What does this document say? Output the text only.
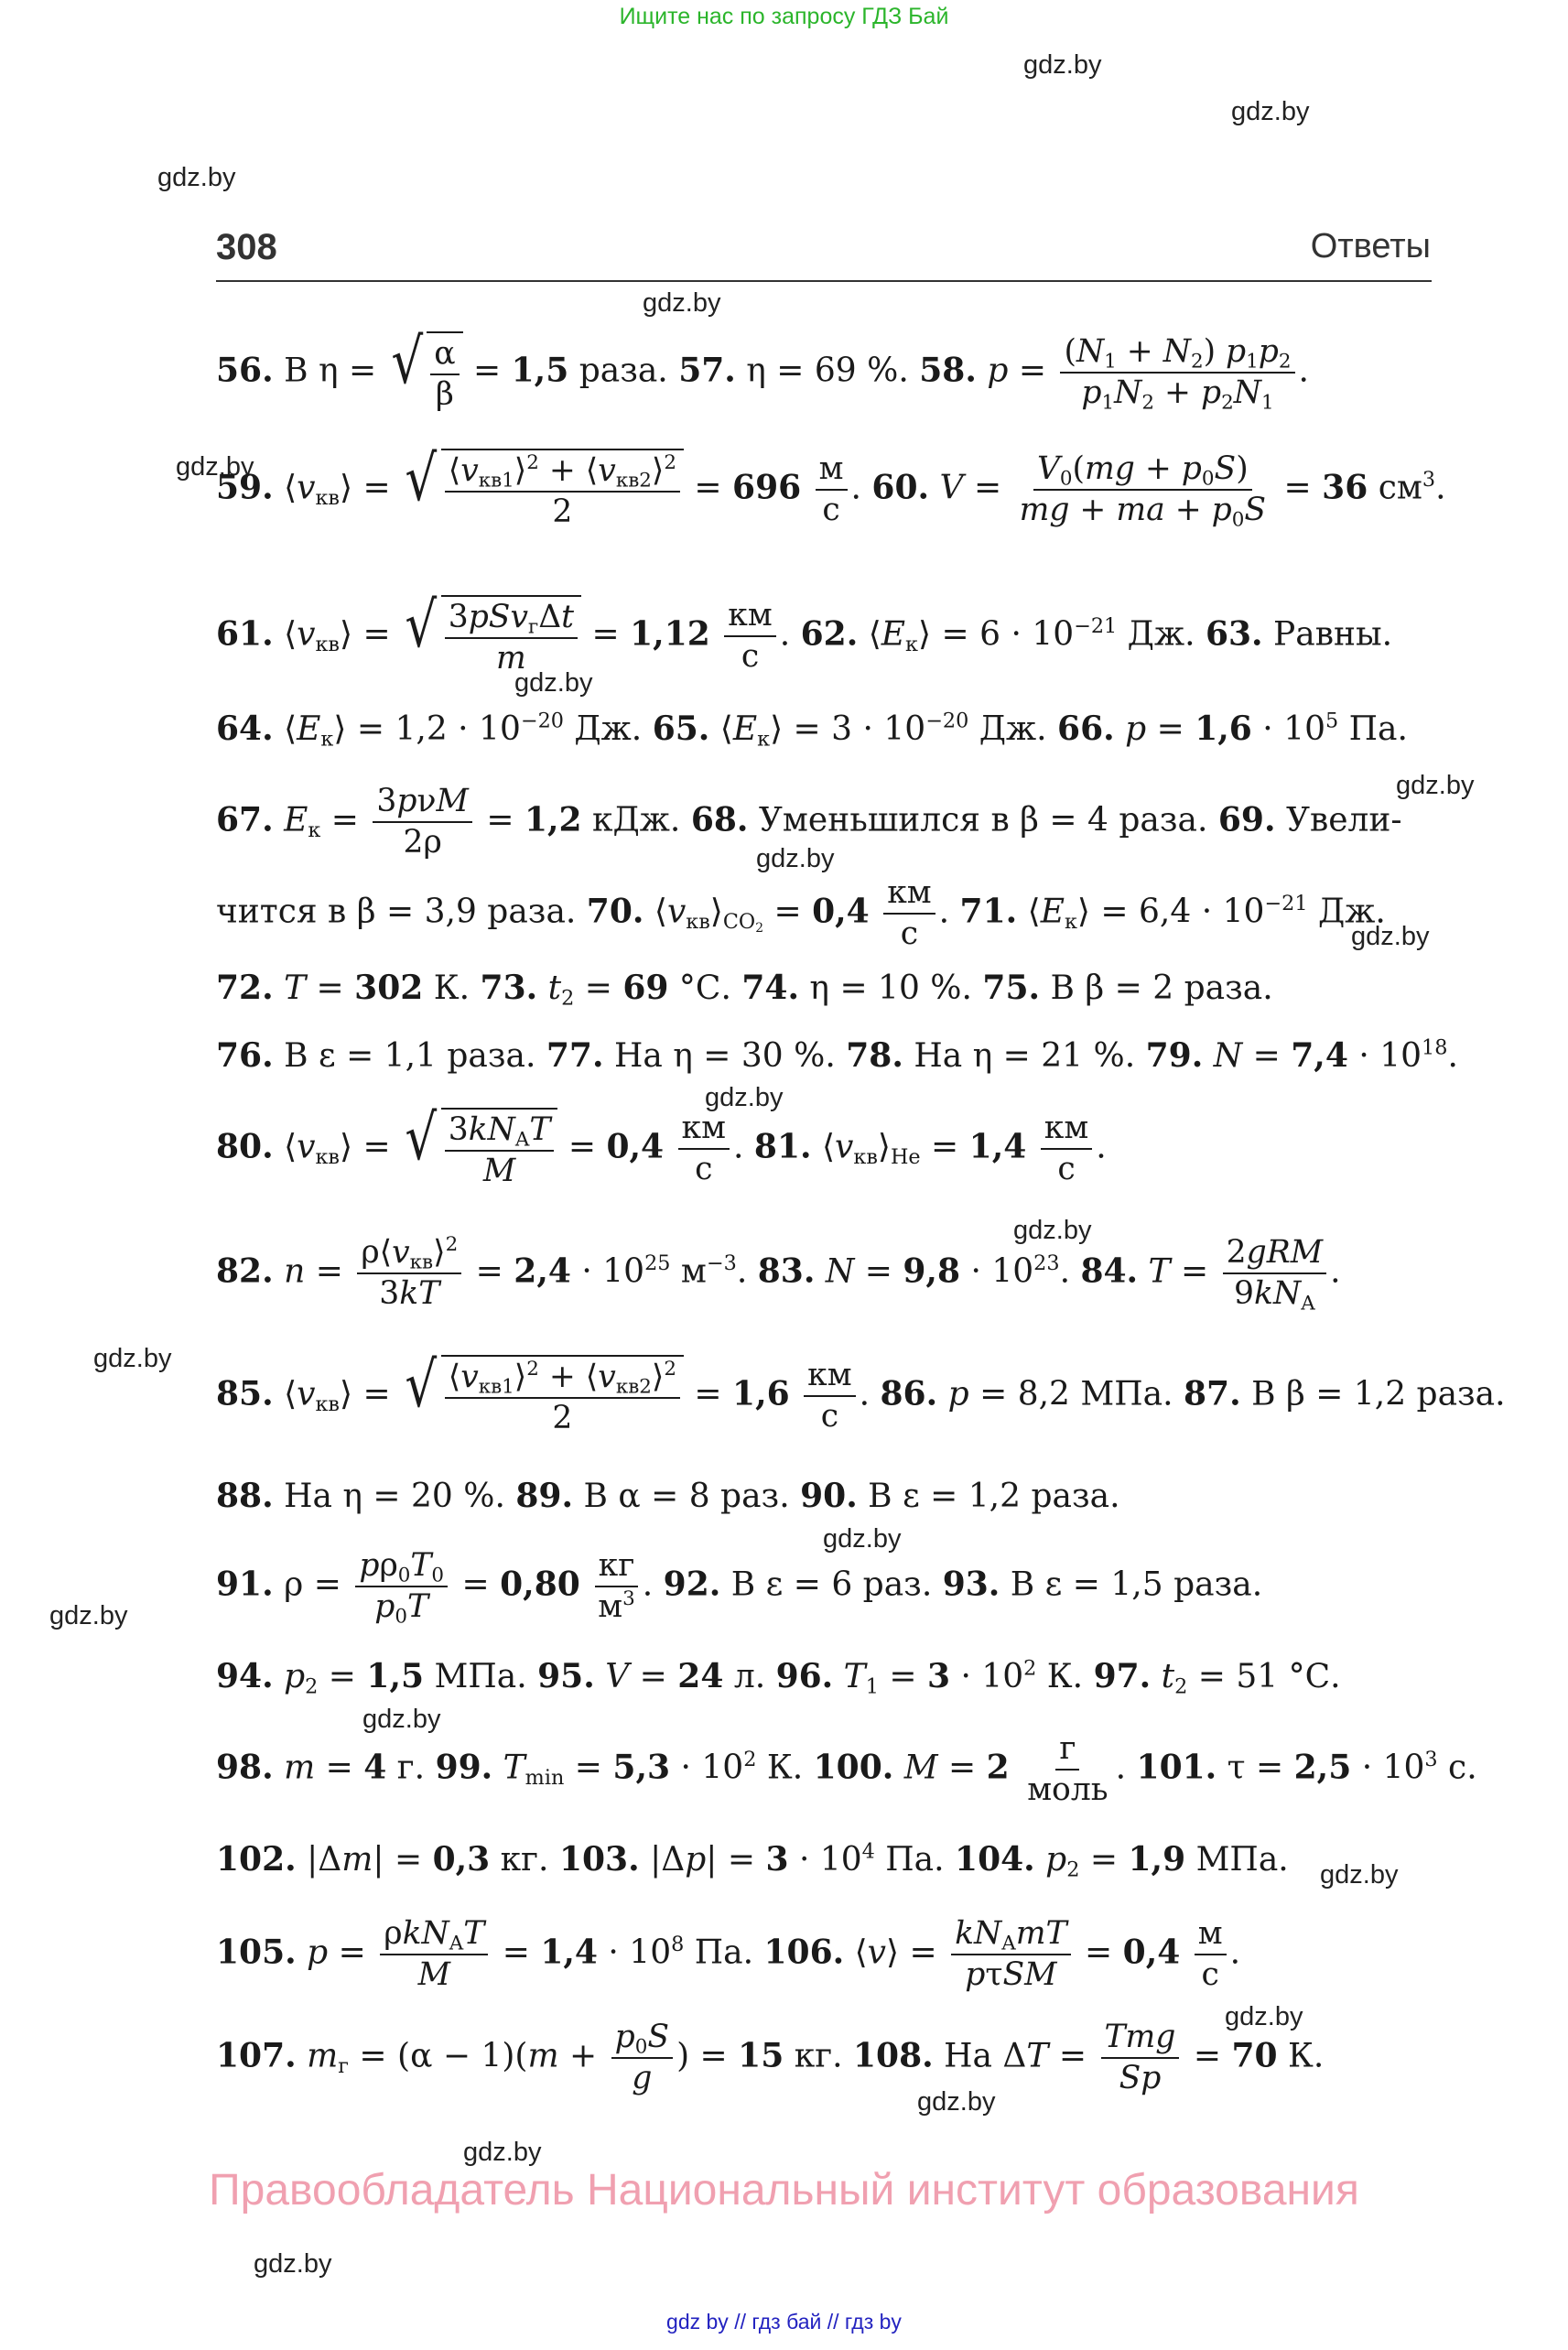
Ищите нас по запросу ГДЗ Бай
gdz.by
gdz.by
gdz.by
gdz.by
gdz.by
gdz.by
gdz.by
gdz.by
gdz.by
gdz.by
gdz.by
gdz.by
gdz.by
gdz.by
gdz.by
gdz.by
gdz.by
gdz.by
gdz.by
gdz.by
308	Ответы
56. В η = √ $\frac{\alpha}{\beta} = 1,5$ раза. 57. η = 69 %. 58. $p = \frac{(N_1 + N_2) p_1p_2}{p_1N_2 + p_2N_1}$ .
59. $⟨v_{кв}⟩$ = √ $\frac{⟨v_{кв1}⟩^2 + ⟨v_{кв2}⟩^2}{2} = 696 \frac{м}{с}$ . 60. $V = \frac{V_0(mg + p_0S)}{mg + ma + p_0S} = 36$ $см^3$.
61. $⟨v_{кв}⟩$ = √ $\frac{3pSv_г\Delta t}{m} = 1,12 \frac{км}{с}$ . 62. $⟨E_к⟩ = 6 \cdot 10^{-21}$ Дж. 63. Равны.
64. $⟨E_к⟩ = 1,2 \cdot 10^{-20}$ Дж. 65. $⟨E_к⟩ = 3 \cdot 10^{-20}$ Дж. 66. $p = 1,6 \cdot 10^5$ Па.
67. $E_к = \frac{\text{3pνM}}{2\rho} = 1,2$ кДж. 68. Уменьшился в β = 4 раза. 69. Увели-
чится в β = 3,9 раза. 70. $⟨v_{кв}⟩_{CO_2} = 0,4 \frac{км}{с}$ . 71. $⟨E_к⟩ = 6,4 \cdot 10^{-21}$ Дж.
72. T = 302 К. 73. $t_2 = 69$ °С. 74. η = 10 %. 75. В β = 2 раза.
76. В ε = 1,1 раза. 77. На η = 30 %. 78. На η = 21 %. 79. $N = 7,4 \cdot 10^{18}$.
80. $⟨v_{кв}⟩$ = √ $\frac{3kN_AT}{M} = 0,4 \frac{км}{с}$ . 81. $⟨v_{кв}⟩_{He} = 1,4 \frac{км}{с}$ .
82. $n = \frac{\rho⟨v_{кв}⟩^2}{3kT} = 2,4 \cdot 10^{25}$ $м^{-3}$. 83. $N = 9,8 \cdot 10^{23}$. 84. $T = \frac{\text{2gRM}}{9kN_A}$ .
85. $⟨v_{кв}⟩$ = √ $\frac{⟨v_{кв1}⟩^2 + ⟨v_{кв2}⟩^2}{2} = 1,6 \frac{км}{с}$ . 86. p = 8,2 МПа. 87. В β = 1,2 раза.
88. На η = 20 %. 89. В α = 8 раз. 90. В ε = 1,2 раза.
91. $\rho = \frac{p\rho_0T_0}{p_0T} = 0,80 \frac{кг}{м^3}$ . 92. В ε = 6 раз. 93. В ε = 1,5 раза.
94. $p_2 = 1,5$ МПа. 95. V = 24 л. 96. $T_1 = 3 \cdot 10^2$ К. 97. $t_2 = 51$ °С.
98. m = 4 г. 99. $T_{min} = 5,3 \cdot 10^2$ К. 100. $M = 2 \frac{г}{\text{моль}}$ . 101. $\tau = 2,5 \cdot 10^3$ с.
102. |Δm| = 0,3 кг. 103. $|\Delta p| = 3 \cdot 10^4$ Па. 104. $p_2 = 1,9$ МПа.
105. $p = \frac{\rho kN_AT}{M} = 1,4 \cdot 10^8$ Па. 106. ⟨v⟩ = $\frac{kN_AmT}{\text{pτSM}} = 0,4 \frac{м}{с}$ .
107. $m_г = (\alpha - 1)(m + \frac{p_0S}{g}$ ) = 15 кг. 108. На $\Delta T = \frac{\text{Tmg}}{Sp} = 70$ К.
Правообладатель Национальный институт образования
gdz by // гдз бай // гдз by
